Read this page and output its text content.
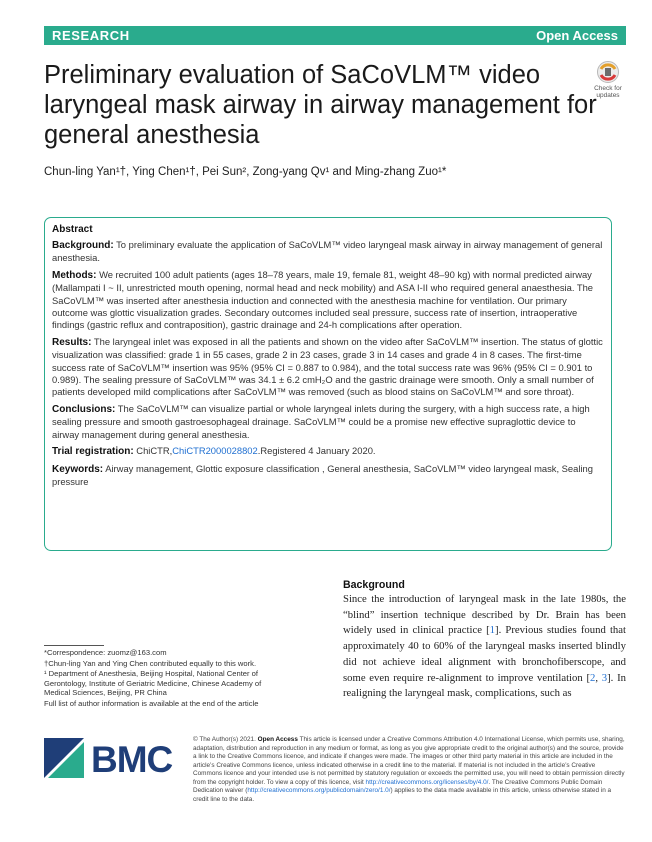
RESEARCH	Open Access
Preliminary evaluation of SaCoVLM™ video laryngeal mask airway in airway management for general anesthesia
Check for updates
Chun-ling Yan¹†, Ying Chen¹†, Pei Sun², Zong-yang Qv¹ and Ming-zhang Zuo¹*
Abstract

Background: To preliminary evaluate the application of SaCoVLM™ video laryngeal mask airway in airway management of general anesthesia.

Methods: We recruited 100 adult patients (ages 18–78 years, male 19, female 81, weight 48–90 kg) with normal predicted airway (Mallampati I ~ II, unrestricted mouth opening, normal head and neck mobility) and ASA I-II who required general anaesthesia. The SaCoVLM™ was inserted after anesthesia induction and connected with the anesthesia machine for ventilation. Our primary outcome was glottic visualization grades. Secondary outcomes included seal pressure, success rate of insertion, intraoperative findings (gastric reflux and contraposition), gastric drainage and 24-h complications after operation.

Results: The laryngeal inlet was exposed in all the patients and shown on the video after SaCoVLM™ insertion. The status of glottic visualization was classified: grade 1 in 55 cases, grade 2 in 23 cases, grade 3 in 14 cases and grade 4 in 8 cases. The first-time success rate of SaCoVLM™ insertion was 95% (95% CI = 0.887 to 0.984), and the total success rate was 96% (95% CI = 0.901 to 0.989). The sealing pressure of SaCoVLM™ was 34.1 ± 6.2 cmH₂O and the gastric drainage were smooth. Only a small number of patients developed mild complications after SaCoVLM™ was removed (such as blood stains on SaCoVLM™ and sore throat).

Conclusions: The SaCoVLM™ can visualize partial or whole laryngeal inlets during the surgery, with a high success rate, a high sealing pressure and smooth gastroesophageal drainage. SaCoVLM™ could be a promise new effective supraglottic device to airway management during general anesthesia.

Trial registration: ChiCTR,ChiCTR2000028802.Registered 4 January 2020.

Keywords: Airway management, Glottic exposure classification , General anesthesia, SaCoVLM™ video laryngeal mask, Sealing pressure

*Correspondence: zuomz@163.com
†Chun-ling Yan and Ying Chen contributed equally to this work.
¹ Department of Anesthesia, Beijing Hospital, National Center of Gerontology, Institute of Geriatric Medicine, Chinese Academy of Medical Sciences, Beijing, PR China
Full list of author information is available at the end of the article
Background
Since the introduction of laryngeal mask in the late 1980s, the “blind” insertion technique described by Dr. Brain has been widely used in clinical practice [1]. Previous studies found that approximately 40 to 60% of the laryngeal masks inserted blindly did not achieve ideal alignment with bronchofiberscope, and some even require re-alignment to improve ventilation [2, 3]. In realigning the laryngeal mask, complications, such as
BMC	© The Author(s) 2021. Open Access This article is licensed under a Creative Commons Attribution 4.0 International License, which permits use, sharing, adaptation, distribution and reproduction in any medium or format, as long as you give appropriate credit to the original author(s) and the source, provide a link to the Creative Commons licence, and indicate if changes were made. The images or other third party material in this article are included in the article’s Creative Commons licence, unless indicated otherwise in a credit line to the material. If material is not included in the article’s Creative Commons licence and your intended use is not permitted by statutory regulation or exceeds the permitted use, you will need to obtain permission directly from the copyright holder. To view a copy of this licence, visit http://creativecommons.org/licenses/by/4.0/. The Creative Commons Public Domain Dedication waiver (http://creativecommons.org/publicdomain/zero/1.0/) applies to the data made available in this article, unless otherwise stated in a credit line to the data.
